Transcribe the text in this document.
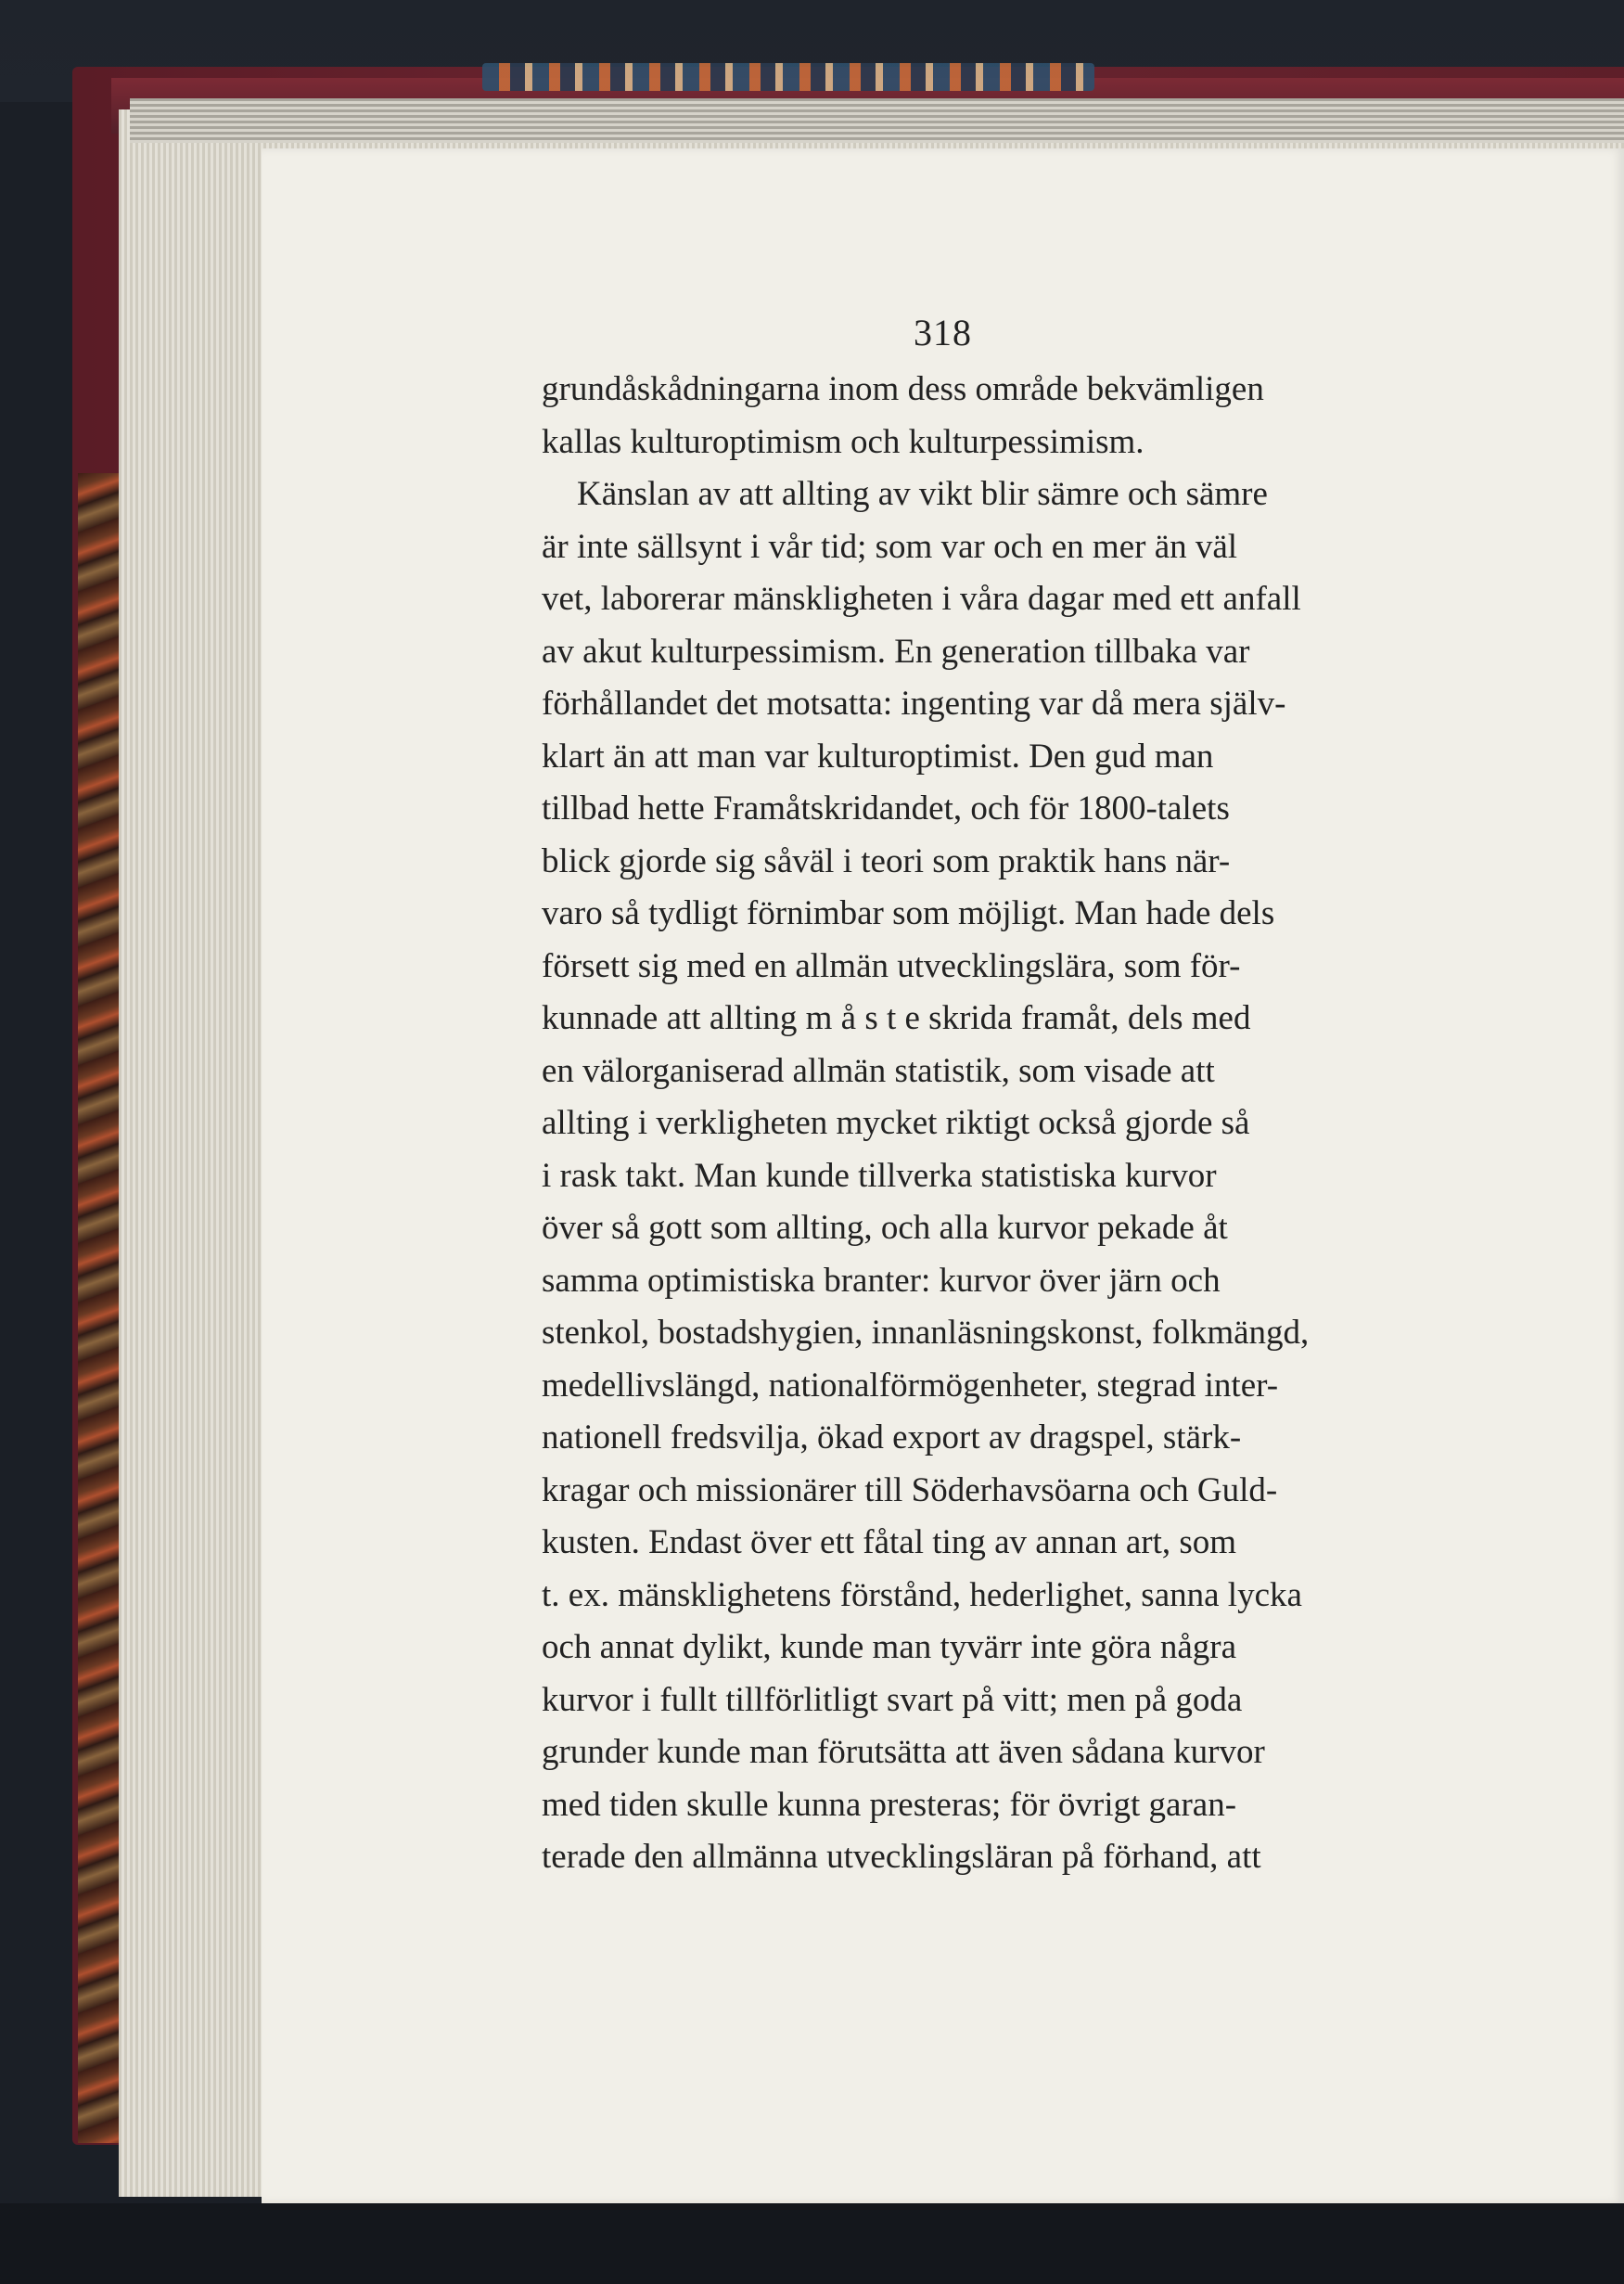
318
grundåskådningarna inom dess område bekvämligen
kallas kulturoptimism och kulturpessimism.
Känslan av att allting av vikt blir sämre och sämre
är inte sällsynt i vår tid; som var och en mer än väl
vet, laborerar mänskligheten i våra dagar med ett anfall
av akut kulturpessimism. En generation tillbaka var
förhållandet det motsatta: ingenting var då mera själv-
klart än att man var kulturoptimist. Den gud man
tillbad hette Framåtskridandet, och för 1800-talets
blick gjorde sig såväl i teori som praktik hans när-
varo så tydligt förnimbar som möjligt. Man hade dels
försett sig med en allmän utvecklingslära, som för-
kunnade att allting m å s t e skrida framåt, dels med
en välorganiserad allmän statistik, som visade att
allting i verkligheten mycket riktigt också gjorde så
i rask takt. Man kunde tillverka statistiska kurvor
över så gott som allting, och alla kurvor pekade åt
samma optimistiska branter: kurvor över järn och
stenkol, bostadshygien, innanläsningskonst, folkmängd,
medellivslängd, nationalförmögenheter, stegrad inter-
nationell fredsvilja, ökad export av dragspel, stärk-
kragar och missionärer till Söderhavsöarna och Guld-
kusten. Endast över ett fåtal ting av annan art, som
t. ex. mänsklighetens förstånd, hederlighet, sanna lycka
och annat dylikt, kunde man tyvärr inte göra några
kurvor i fullt tillförlitligt svart på vitt; men på goda
grunder kunde man förutsätta att även sådana kurvor
med tiden skulle kunna presteras; för övrigt garan-
terade den allmänna utvecklingsläran på förhand, att
